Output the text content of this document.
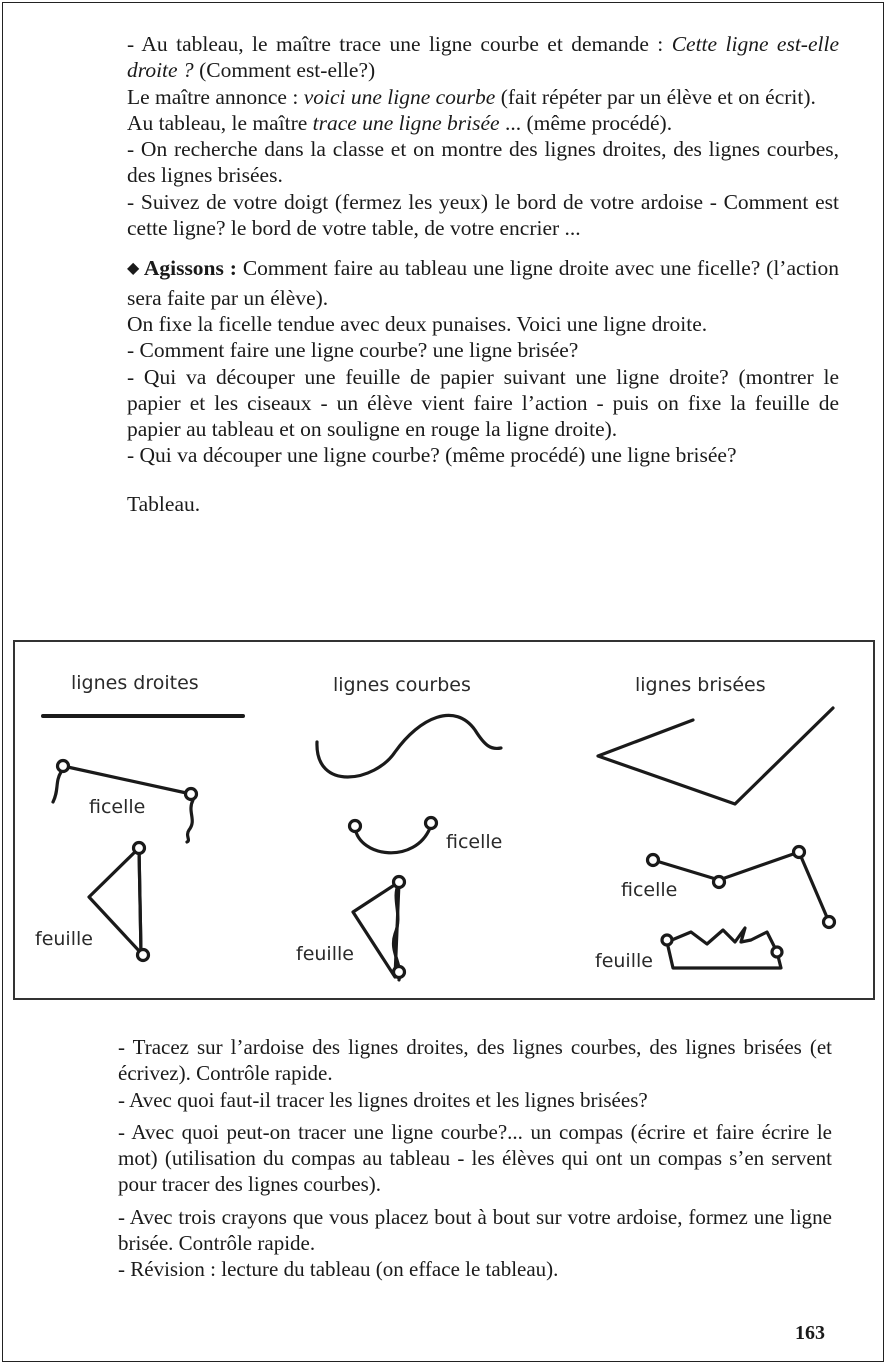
- Au tableau, le maître trace une ligne courbe et demande : Cette ligne est-elle droite ? (Comment est-elle?)

Le maître annonce : voici une ligne courbe (fait répéter par un élève et on écrit).

Au tableau, le maître trace une ligne brisée ... (même procédé).

- On recherche dans la classe et on montre des lignes droites, des lignes courbes, des lignes brisées.

- Suivez de votre doigt (fermez les yeux) le bord de votre ardoise - Comment est cette ligne? le bord de votre table, de votre encrier ...

◆ Agissons : Comment faire au tableau une ligne droite avec une ficelle? (l’action sera faite par un élève).

On fixe la ficelle tendue avec deux punaises. Voici une ligne droite.

- Comment faire une ligne courbe? une ligne brisée?

- Qui va découper une feuille de papier suivant une ligne droite? (montrer le papier et les ciseaux - un élève vient faire l’action - puis on fixe la feuille de papier au tableau et on souligne en rouge la ligne droite).

- Qui va découper une ligne courbe? (même procédé) une ligne brisée?

Tableau.

lignes droites	lignes courbes	lignes brisées
ficelle
feuille
ficelle
feuille
ficelle
feuille

- Tracez sur l’ardoise des lignes droites, des lignes courbes, des lignes brisées (et écrivez). Contrôle rapide.

- Avec quoi faut-il tracer les lignes droites et les lignes brisées?

- Avec quoi peut-on tracer une ligne courbe?... un compas (écrire et faire écrire le mot) (utilisation du compas au tableau - les élèves qui ont un compas s’en servent pour tracer des lignes courbes).

- Avec trois crayons que vous placez bout à bout sur votre ardoise, formez une ligne brisée. Contrôle rapide.

- Révision : lecture du tableau (on efface le tableau).

163
